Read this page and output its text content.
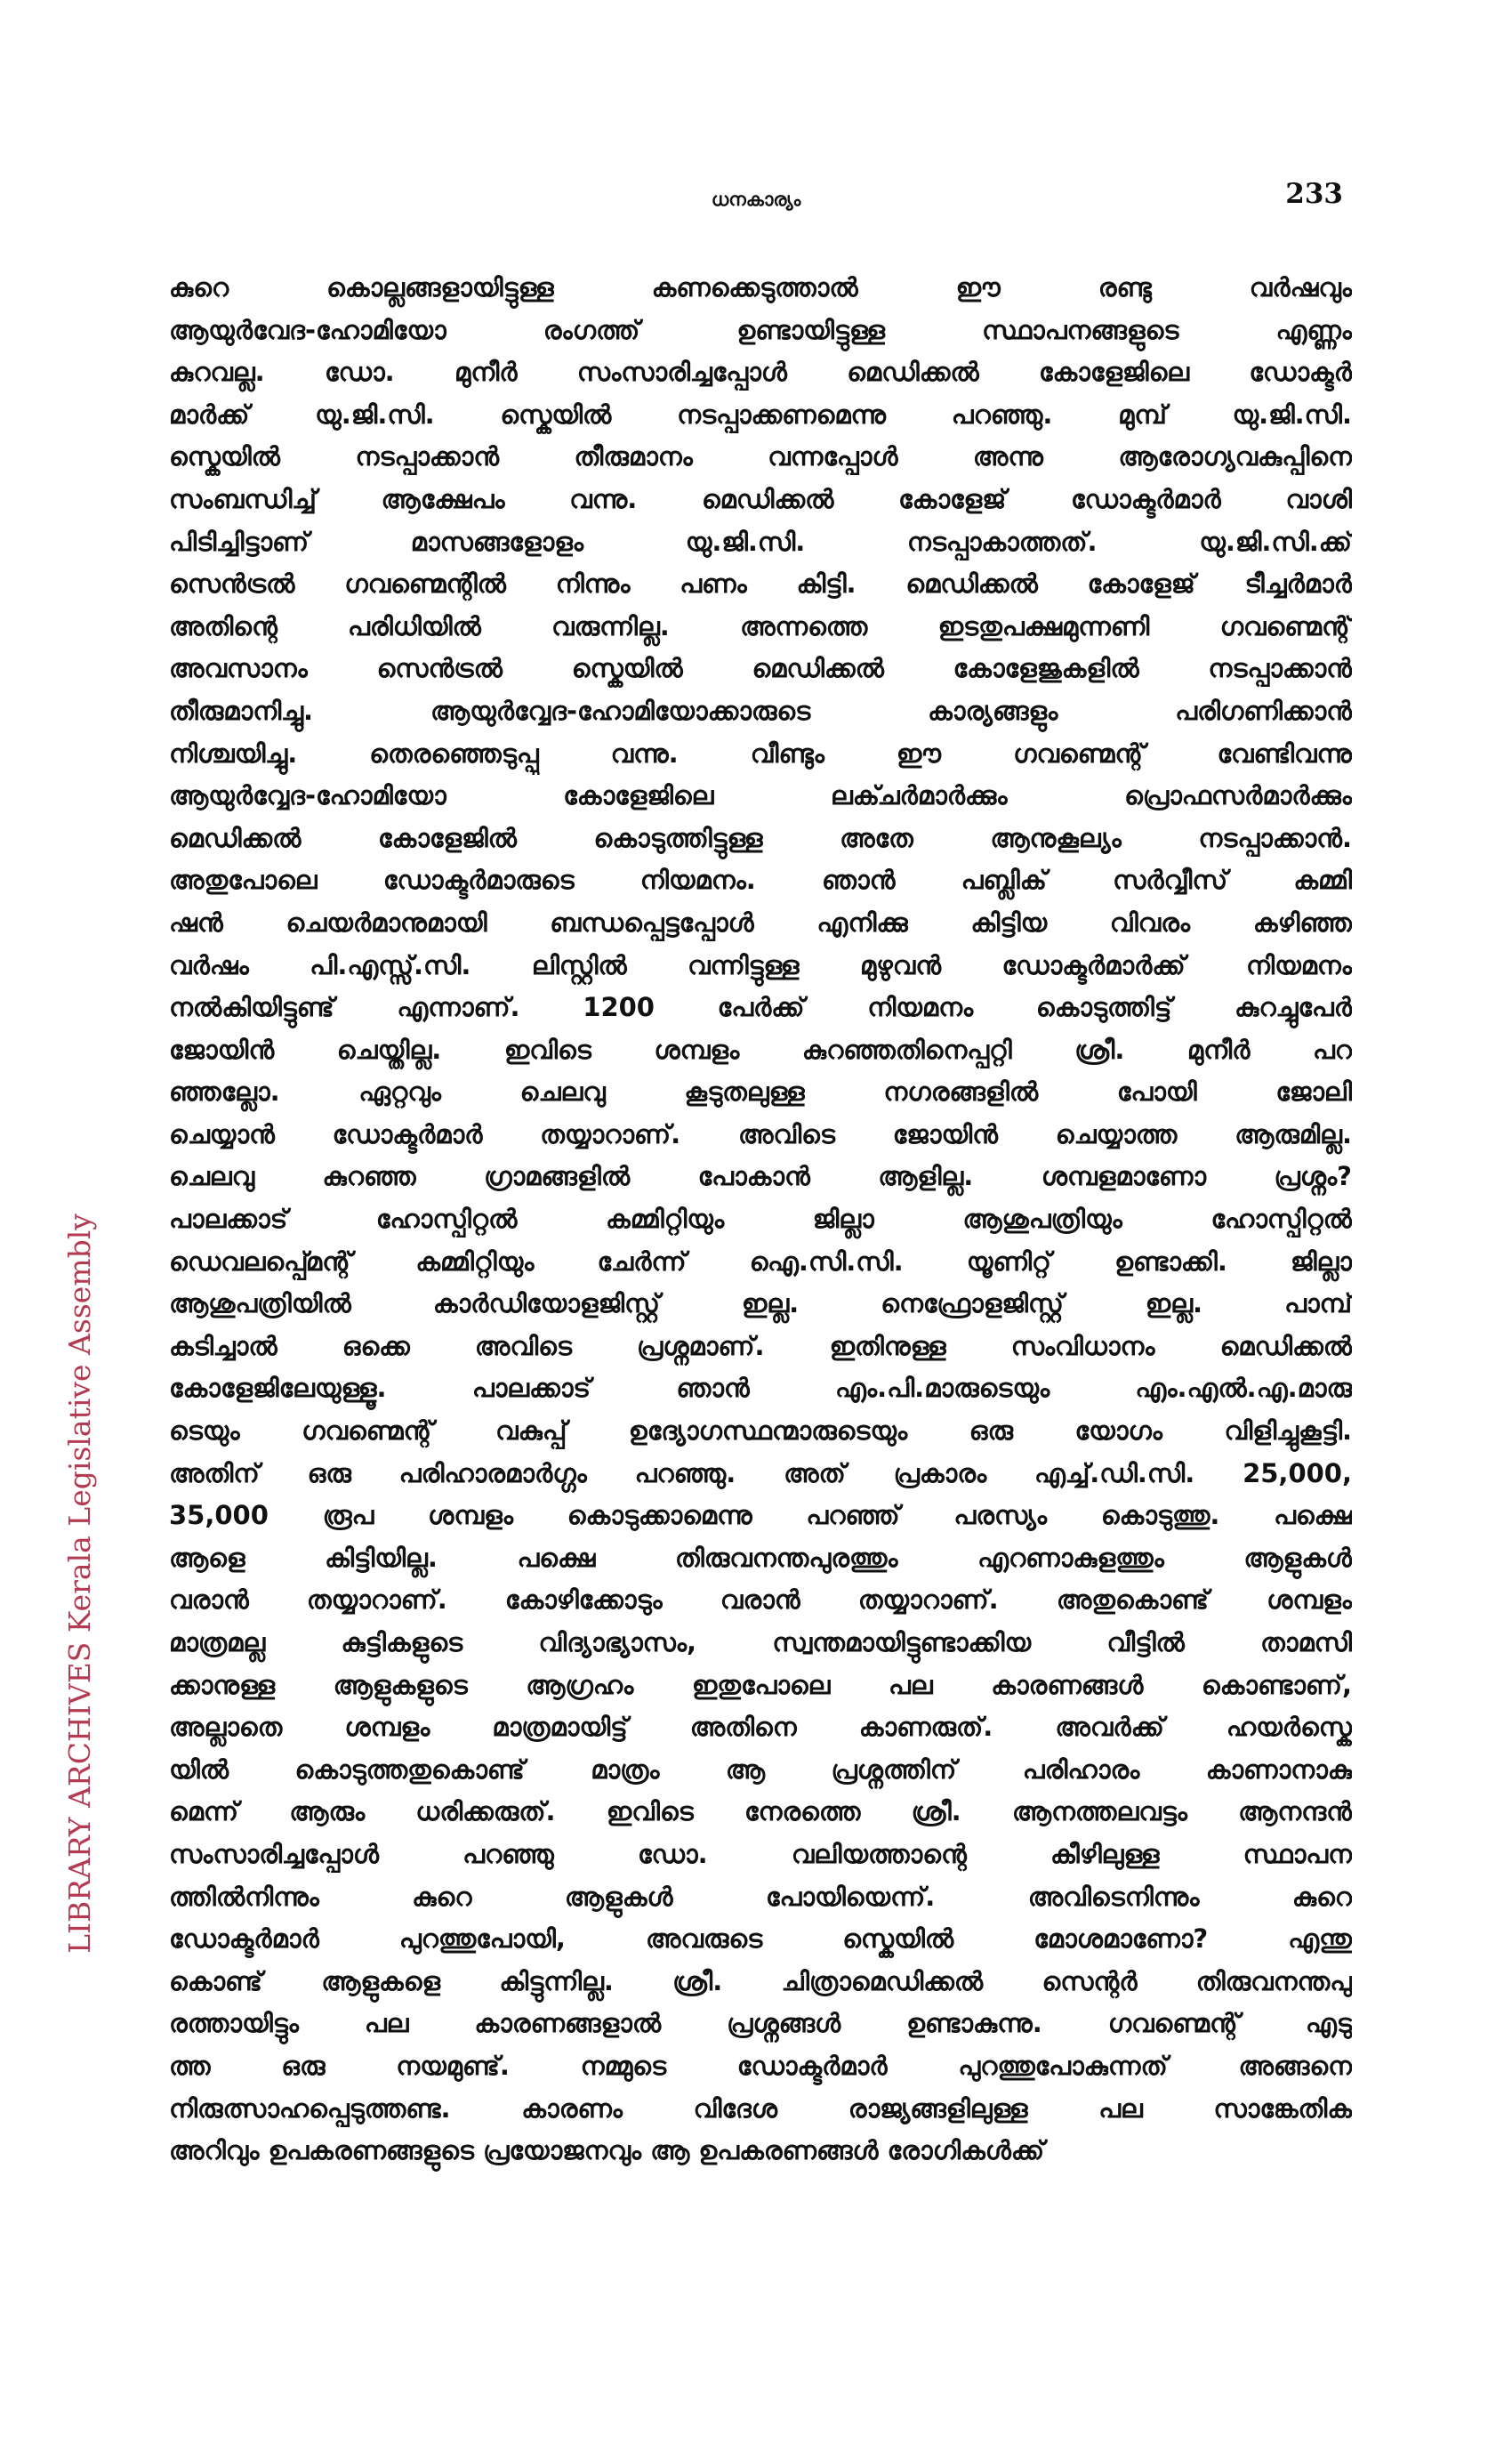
ധനകാര്യം	233
LIBRARY ARCHIVES Kerala Legislative Assembly
കുറെ കൊല്ലങ്ങളായിട്ടുള്ള കണക്കെടുത്താൽ ഈ രണ്ടു വർഷവും
ആയുർവേദ-ഹോമിയോ രംഗത്ത് ഉണ്ടായിട്ടുള്ള സ്ഥാപനങ്ങളുടെ എണ്ണം
കുറവല്ല. ഡോ. മുനീർ സംസാരിച്ചപ്പോൾ മെഡിക്കൽ കോളേജിലെ ഡോക്ടർ
മാർക്ക് യു.ജി.സി. സ്കെയിൽ നടപ്പാക്കണമെന്നു പറഞ്ഞു. മുമ്പ് യു.ജി.സി.
സ്കെയിൽ നടപ്പാക്കാൻ തീരുമാനം വന്നപ്പോൾ അന്നു ആരോഗ്യവകുപ്പിനെ
സംബന്ധിച്ച് ആക്ഷേപം വന്നു. മെഡിക്കൽ കോളേജ് ഡോക്ടർമാർ വാശി
പിടിച്ചിട്ടാണ് മാസങ്ങളോളം യു.ജി.സി. നടപ്പാകാത്തത്. യു.ജി.സി.ക്ക്
സെൻട്രൽ ഗവണ്മെന്റിൽ നിന്നും പണം കിട്ടി. മെഡിക്കൽ കോളേജ് ടീച്ചർമാർ
അതിന്റെ പരിധിയിൽ വരുന്നില്ല. അന്നത്തെ ഇടതുപക്ഷമുന്നണി ഗവണ്മെന്റ്
അവസാനം സെൻട്രൽ സ്കെയിൽ മെഡിക്കൽ കോളേജുകളിൽ നടപ്പാക്കാൻ
തീരുമാനിച്ചു. ആയുർവ്വേദ-ഹോമിയോക്കാരുടെ കാര്യങ്ങളും പരിഗണിക്കാൻ
നിശ്ചയിച്ചു. തെരഞ്ഞെടുപ്പു വന്നു. വീണ്ടും ഈ ഗവണ്മെന്റ് വേണ്ടിവന്നു
ആയുർവ്വേദ-ഹോമിയോ കോളേജിലെ ലക്ചർമാർക്കും പ്രൊഫസർമാർക്കും
മെഡിക്കൽ കോളേജിൽ കൊടുത്തിട്ടുള്ള അതേ ആനുകൂല്യം നടപ്പാക്കാൻ.
അതുപോലെ ഡോക്ടർമാരുടെ നിയമനം. ഞാൻ പബ്ലിക് സർവ്വീസ് കമ്മി
ഷൻ ചെയർമാനുമായി ബന്ധപ്പെട്ടപ്പോൾ എനിക്കു കിട്ടിയ വിവരം കഴിഞ്ഞ
വർഷം പി.എസ്സ്.സി. ലിസ്റ്റിൽ വന്നിട്ടുള്ള മുഴുവൻ ഡോക്ടർമാർക്ക് നിയമനം
നൽകിയിട്ടുണ്ട് എന്നാണ്. 1200 പേർക്ക് നിയമനം കൊടുത്തിട്ട് കുറച്ചുപേർ
ജോയിൻ ചെയ്തില്ല. ഇവിടെ ശമ്പളം കുറഞ്ഞതിനെപ്പറ്റി ശ്രീ. മുനീർ പറ
ഞ്ഞല്ലോ. ഏറ്റവും ചെലവു കൂടുതലുള്ള നഗരങ്ങളിൽ പോയി ജോലി
ചെയ്യാൻ ഡോക്ടർമാർ തയ്യാറാണ്. അവിടെ ജോയിൻ ചെയ്യാത്ത ആരുമില്ല.
ചെലവു കുറഞ്ഞ ഗ്രാമങ്ങളിൽ പോകാൻ ആളില്ല. ശമ്പളമാണോ പ്രശ്നം?
പാലക്കാട് ഹോസ്പിറ്റൽ കമ്മിറ്റിയും ജില്ലാ ആശുപത്രിയും ഹോസ്പിറ്റൽ
ഡെവലപ്പ്മെന്റ് കമ്മിറ്റിയും ചേർന്ന് ഐ.സി.സി. യൂണിറ്റ് ഉണ്ടാക്കി. ജില്ലാ
ആശുപത്രിയിൽ കാർഡിയോളജിസ്റ്റ് ഇല്ല. നെഫ്രോളജിസ്റ്റ് ഇല്ല. പാമ്പ്
കടിച്ചാൽ ഒക്കെ അവിടെ പ്രശ്നമാണ്. ഇതിനുള്ള സംവിധാനം മെഡിക്കൽ
കോളേജിലേയുള്ളൂ. പാലക്കാട് ഞാൻ എം.പി.മാരുടെയും എം.എൽ.എ.മാരു
ടെയും ഗവണ്മെന്റ് വകുപ്പ് ഉദ്യോഗസ്ഥന്മാരുടെയും ഒരു യോഗം വിളിച്ചുകൂട്ടി.
അതിന് ഒരു പരിഹാരമാർഗ്ഗം പറഞ്ഞു. അത് പ്രകാരം എച്ച്.ഡി.സി. 25,000,
35,000 രൂപ ശമ്പളം കൊടുക്കാമെന്നു പറഞ്ഞ് പരസ്യം കൊടുത്തു. പക്ഷെ
ആളെ കിട്ടിയില്ല. പക്ഷെ തിരുവനന്തപുരത്തും എറണാകുളത്തും ആളുകൾ
വരാൻ തയ്യാറാണ്. കോഴിക്കോടും വരാൻ തയ്യാറാണ്. അതുകൊണ്ട് ശമ്പളം
മാത്രമല്ല കുട്ടികളുടെ വിദ്യാഭ്യാസം, സ്വന്തമായിട്ടുണ്ടാക്കിയ വീട്ടിൽ താമസി
ക്കാനുള്ള ആളുകളുടെ ആഗ്രഹം ഇതുപോലെ പല കാരണങ്ങൾ കൊണ്ടാണ്,
അല്ലാതെ ശമ്പളം മാത്രമായിട്ട് അതിനെ കാണരുത്. അവർക്ക് ഹയർസ്കെ
യിൽ കൊടുത്തതുകൊണ്ട് മാത്രം ആ പ്രശ്നത്തിന് പരിഹാരം കാണാനാകു
മെന്ന് ആരും ധരിക്കരുത്. ഇവിടെ നേരത്തെ ശ്രീ. ആനത്തലവട്ടം ആനന്ദൻ
സംസാരിച്ചപ്പോൾ പറഞ്ഞു ഡോ. വലിയത്താന്റെ കീഴിലുള്ള സ്ഥാപന
ത്തിൽനിന്നും കുറെ ആളുകൾ പോയിയെന്ന്. അവിടെനിന്നും കുറെ
ഡോക്ടർമാർ പുറത്തുപോയി, അവരുടെ സ്കെയിൽ മോശമാണോ? എന്തു
കൊണ്ട് ആളുകളെ കിട്ടുന്നില്ല. ശ്രീ. ചിത്രാമെഡിക്കൽ സെന്റർ തിരുവനന്തപു
രത്തായിട്ടും പല കാരണങ്ങളാൽ പ്രശ്നങ്ങൾ ഉണ്ടാകുന്നു. ഗവണ്മെന്റ് എടു
ത്ത ഒരു നയമുണ്ട്. നമ്മുടെ ഡോക്ടർമാർ പുറത്തുപോകുന്നത് അങ്ങനെ
നിരുത്സാഹപ്പെടുത്തണ്ട. കാരണം വിദേശ രാജ്യങ്ങളിലുള്ള പല സാങ്കേതിക
അറിവും ഉപകരണങ്ങളുടെ പ്രയോജനവും ആ ഉപകരണങ്ങൾ രോഗികൾക്ക്
